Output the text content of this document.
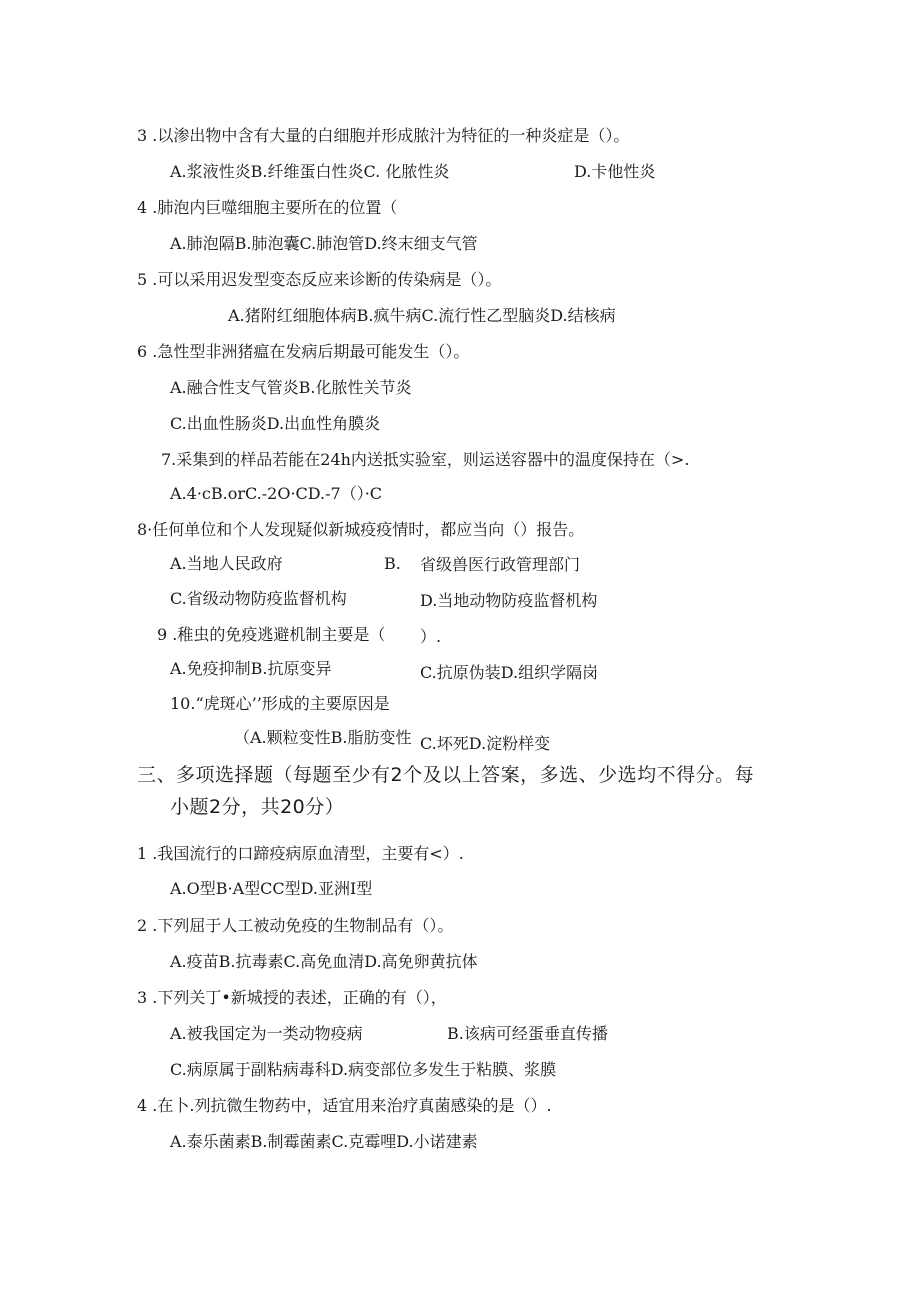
3 .以渗出物中含有大量的白细胞并形成脓汁为特征的一种炎症是（）。
A.浆液性炎B.纤维蛋白性炎C. 化脓性炎	D.卡他性炎
4 .肺泡内巨噬细胞主要所在的位置（
A.肺泡隔B.肺泡囊C.肺泡管D.终末细支气管
5 .可以采用迟发型变态反应来诊断的传染病是（）。
A.猪附红细胞体病B.疯牛病C.流行性乙型脑炎D.结核病
6 .急性型非洲猪瘟在发病后期最可能发生（）。
A.融合性支气管炎B.化脓性关节炎
C.出血性肠炎D.出血性角膜炎
7.采集到的样品若能在24h内送抵实验室，则运送容器中的温度保持在（>.
A.4·cB.orC.-2O·CD.-7（）·C
8·任何单位和个人发现疑似新城疫疫情时，都应当向（）报告。
A.当地人民政府	B. 省级兽医行政管理部门
C.省级动物防疫监督机构	D.当地动物防疫监督机构
9 .稚虫的免疫逃避机制主要是（ ）.
A.免疫抑制B.抗原变异	C.抗原伪装D.组织学隔岗
10.“虎斑心’’形成的主要原因是
（A.颗粒变性B.脂肪变性 C.坏死D.淀粉样变
三、多项选择题（每题至少有2个及以上答案，多选、少选均不得分。每
小题2分，共20分）
1 .我国流行的口蹄疫病原血清型，主要有<）.
A.O型B·A型CC型D.亚洲I型
2 .下列屈于人工被动免疫的生物制品有（）。
A.疫苗B.抗毒素C.高免血清D.高免卵黄抗体
3 .下列关丁•新城授的表述，正确的有（），
A.被我国定为一类动物疫病	B.该病可经蛋垂直传播
C.病原属于副粘病毒科D.病变部位多发生于粘膜、浆膜
4 .在卜.列抗微生物药中，适宜用来治疗真菌感染的是（）.
A.泰乐菌素B.制霉菌素C.克霉哩D.小诺建素
